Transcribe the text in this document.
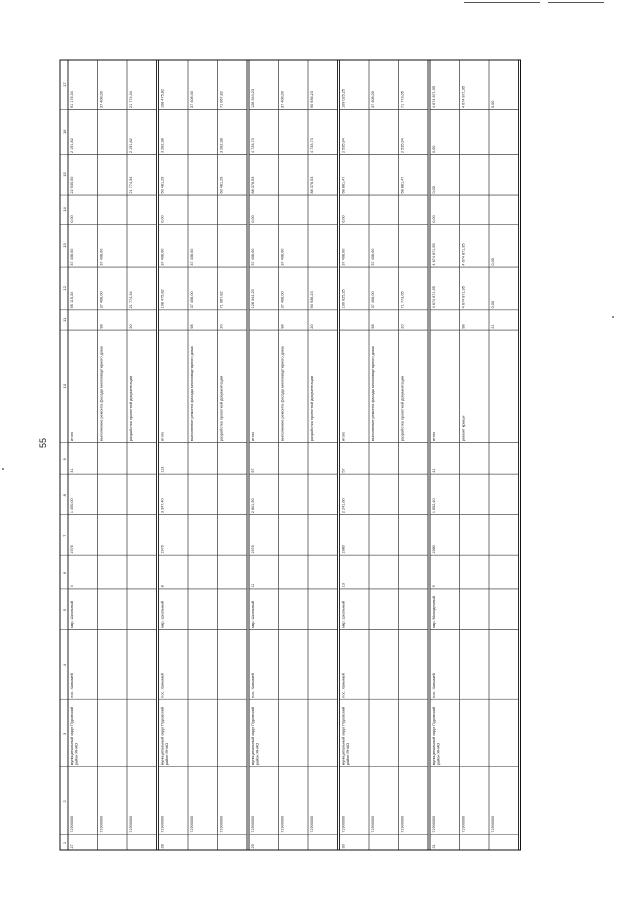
55
1
2
3
4
5
6
7
8
9
10
11
12
13
14
15
16
17
27
71900000
муниципальный округ Пуровский район ЯНАО
пос. Ханымей
мкр. Школьный
4
1976
1 450,00
41
итого
95 115,34
37 408,00
0,00
22 930,00
2 191,82
91 176,34
71900000
выполнение ремонта фасада многоквартирного дома
98
37 408,00
37 408,00
37 408,00
71900000
разработка проектной документации
20
21 774,34
21 774,34
2 191,82
21 774,34
28
71900000
муниципальный округ Пуровский район ЯНАО
пос. Ханымей
мкр. Школьный
8
1976
3 347,40
113
итого
108 475,82
37 408,00
0,00
60 481,29
3 282,38
108 475,82
71900000
выполнение ремонта фасада многоквартирного дома
98
37 408,00
37 408,00
37 408,00
71900000
разработка проектной документации
20
71 067,82
60 481,29
3 282,38
71 067,82
29
71900000
муниципальный округ Пуровский район ЯНАО
пос. Ханымей
мкр. Школьный
11
1976
2 801,90
97
итого
128 344,23
37 408,00
0,00
88 376,53
4 733,73
128 344,23
71900000
выполнение ремонта фасада многоквартирного дома
98
37 408,00
37 408,00
37 408,00
71900000
разработка проектной документации
20
90 936,23
88 376,53
4 733,73
90 936,23
30
71900000
муниципальный округ Пуровский район ЯНАО
пос. Ханымей
мкр. Школьный
13
1980
2 241,60
57
итого
109 025,25
37 408,00
0,00
68 881,47
2 535,94
109 025,25
71900000
выполнение ремонта фасада многоквартирного дома
98
37 408,00
37 408,00
37 408,00
71900000
разработка проектной документации
20
71 773,05
68 881,47
2 535,94
71 773,05
31
71900000
муниципальный округ Пуровский район ЯНАО
пос. Ханымей
мкр. Молодежный
9
1980
1 652,40
41
итого
4 674 871,95
4 674 871,95
0,00
0,00
0,00
4 674 871,95
71900000
ремонт крыши
98
4 674 871,95
4 674 871,95
4 674 871,95
71900000
21
0,00
0,00
0,00
